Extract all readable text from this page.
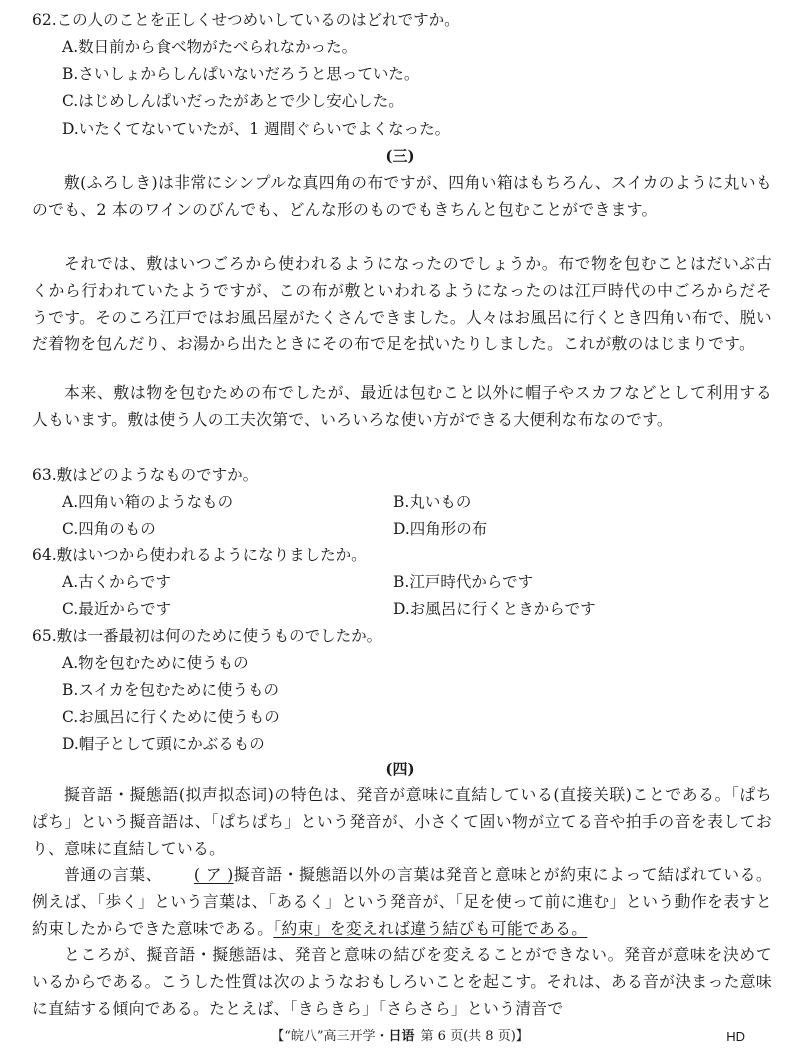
62.この人のことを正しくせつめいしているのはどれですか。
A.数日前から食べ物がたべられなかった。
B.さいしょからしんぱいないだろうと思っていた。
C.はじめしんぱいだったがあとで少し安心した。
D.いたくてないていたが、1 週間ぐらいでよくなった。
(三)
敷(ふろしき)は非常にシンプルな真四角の布ですが、四角い箱はもちろん、スイカのように丸いものでも、2 本のワインのびんでも、どんな形のものでもきちんと包むことができます。
それでは、敷はいつごろから使われるようになったのでしょうか。布で物を包むことはだいぶ古くから行われていたようですが、この布が敷といわれるようになったのは江戸時代の中ごろからだそうです。そのころ江戸ではお風呂屋がたくさんできました。人々はお風呂に行くとき四角い布で、脱いだ着物を包んだり、お湯から出たときにその布で足を拭いたりしました。これが敷のはじまりです。
本来、敷は物を包むための布でしたが、最近は包むこと以外に帽子やスカフなどとして利用する人もいます。敷は使う人の工夫次第で、いろいろな使い方ができる大便利な布なのです。
63.敷はどのようなものですか。
A.四角い箱のようなもの	B.丸いもの
C.四角のもの	D.四角形の布
64.敷はいつから使われるようになりましたか。
A.古くからです	B.江戸時代からです
C.最近からです	D.お風呂に行くときからです
65.敷は一番最初は何のために使うものでしたか。
A.物を包むために使うもの
B.スイカを包むために使うもの
C.お風呂に行くために使うもの
D.帽子として頭にかぶるもの
(四)
擬音語・擬態語(拟声拟态词)の特色は、発音が意味に直結している(直接关联)ことである。「ぱちぱち」という擬音語は、「ぱちぱち」という発音が、小さくて固い物が立てる音や拍手の音を表しており、意味に直結している。
普通の言葉、 ( ア )擬音語・擬態語以外の言葉は発音と意味とが約束によって結ばれている。例えば、「歩く」という言葉は、「あるく」という発音が、「足を使って前に進む」という動作を表すと約束したからできた意味である。「約束」を変えれば違う結びも可能である。
ところが、擬音語・擬態語は、発音と意味の結びを変えることができない。発音が意味を決めているからである。こうした性質は次のようなおもしろいことを起こす。それは、ある音が決まった意味に直結する傾向である。たとえば、「きらきら」「さらさら」という清音で
【“皖八”高三开学・日语 第 6 页(共 8 页)】	HD
